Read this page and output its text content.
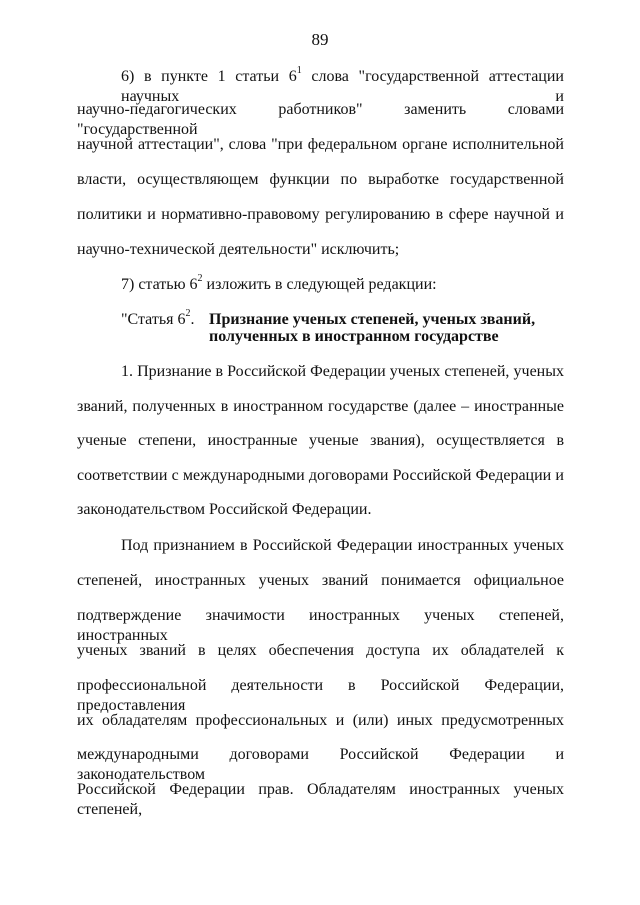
89
6) в пункте 1 статьи $6^1$ слова "государственной аттестации научных и
научно-педагогических работников" заменить словами "государственной
научной аттестации", слова "при федеральном органе исполнительной
власти, осуществляющем функции по выработке государственной
политики и нормативно-правовому регулированию в сфере научной и
научно-технической деятельности" исключить;
7) статью $6^2$ изложить в следующей редакции:
"Статья $6^2$. Признание ученых степеней, ученых званий,
полученных в иностранном государстве
1. Признание в Российской Федерации ученых степеней, ученых
званий, полученных в иностранном государстве (далее – иностранные
ученые степени, иностранные ученые звания), осуществляется в
соответствии с международными договорами Российской Федерации и
законодательством Российской Федерации.
Под признанием в Российской Федерации иностранных ученых
степеней, иностранных ученых званий понимается официальное
подтверждение значимости иностранных ученых степеней, иностранных
ученых званий в целях обеспечения доступа их обладателей к
профессиональной деятельности в Российской Федерации, предоставления
их обладателям профессиональных и (или) иных предусмотренных
международными договорами Российской Федерации и законодательством
Российской Федерации прав. Обладателям иностранных ученых степеней,
